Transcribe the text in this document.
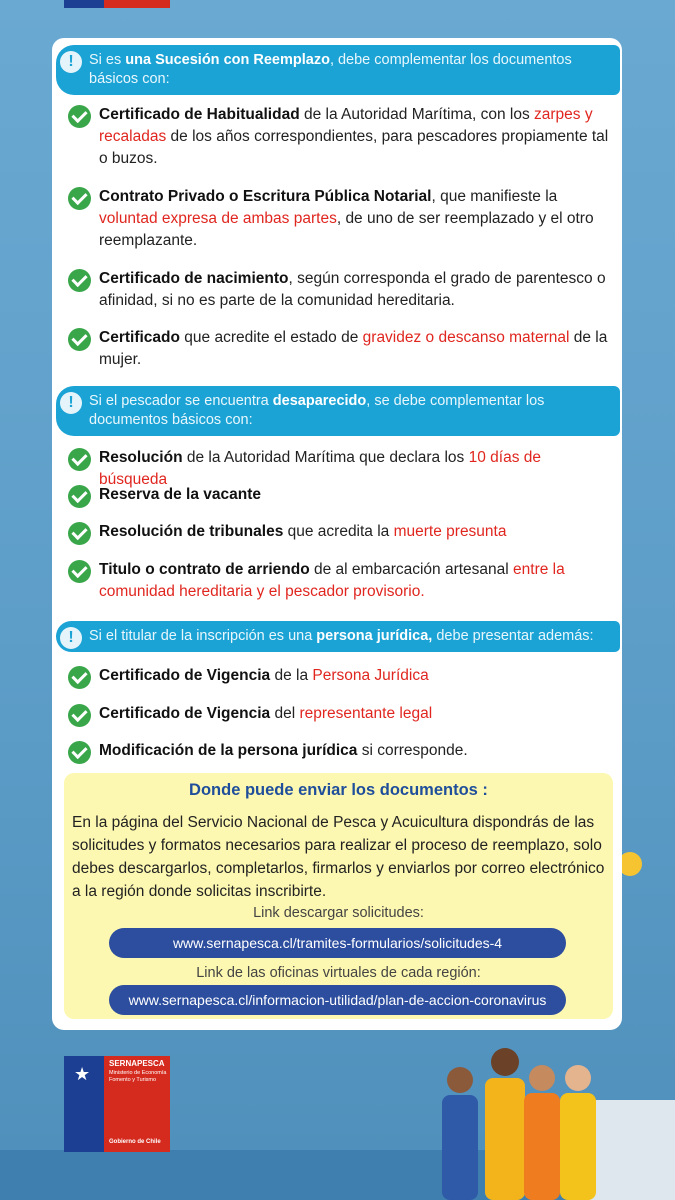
!	Si es una Sucesión con Reemplazo, debe complementar los documentos básicos con:
Certificado de Habitualidad de la Autoridad Marítima, con los zarpes y recaladas de los años correspondientes, para pescadores propiamente tal o buzos.
Contrato Privado o Escritura Pública Notarial, que manifieste la voluntad expresa de ambas partes, de uno de ser reemplazado y el otro reemplazante.
Certificado de nacimiento, según corresponda el grado de parentesco o afinidad, si no es parte de la comunidad hereditaria.
Certificado que acredite el estado de gravidez o descanso maternal de la mujer.
!	Si el pescador se encuentra desaparecido, se debe complementar los documentos básicos con:
Resolución de la Autoridad Marítima que declara los 10 días de búsqueda
Reserva de la vacante
Resolución de tribunales que acredita la muerte presunta
Titulo o contrato de arriendo de al embarcación artesanal entre la comunidad hereditaria y el pescador provisorio.
!	Si el titular de la inscripción es una persona jurídica, debe presentar además:
Certificado de Vigencia de la Persona Jurídica
Certificado de Vigencia del representante legal
Modificación de la persona jurídica si corresponde.
Donde puede enviar los documentos :
En la página del Servicio Nacional de Pesca y Acuicultura dispondrás de las solicitudes y formatos necesarios para realizar el proceso de reemplazo, solo debes descargarlos, completarlos, firmarlos y enviarlos por correo electrónico a la región donde solicitas inscribirte.
Link descargar solicitudes:
www.sernapesca.cl/tramites-formularios/solicitudes-4
Link de las oficinas virtuales de cada región:
www.sernapesca.cl/informacion-utilidad/plan-de-accion-coronavirus
★
SERNAPESCA
Ministerio de Economía Fomento y Turismo
Gobierno de Chile
